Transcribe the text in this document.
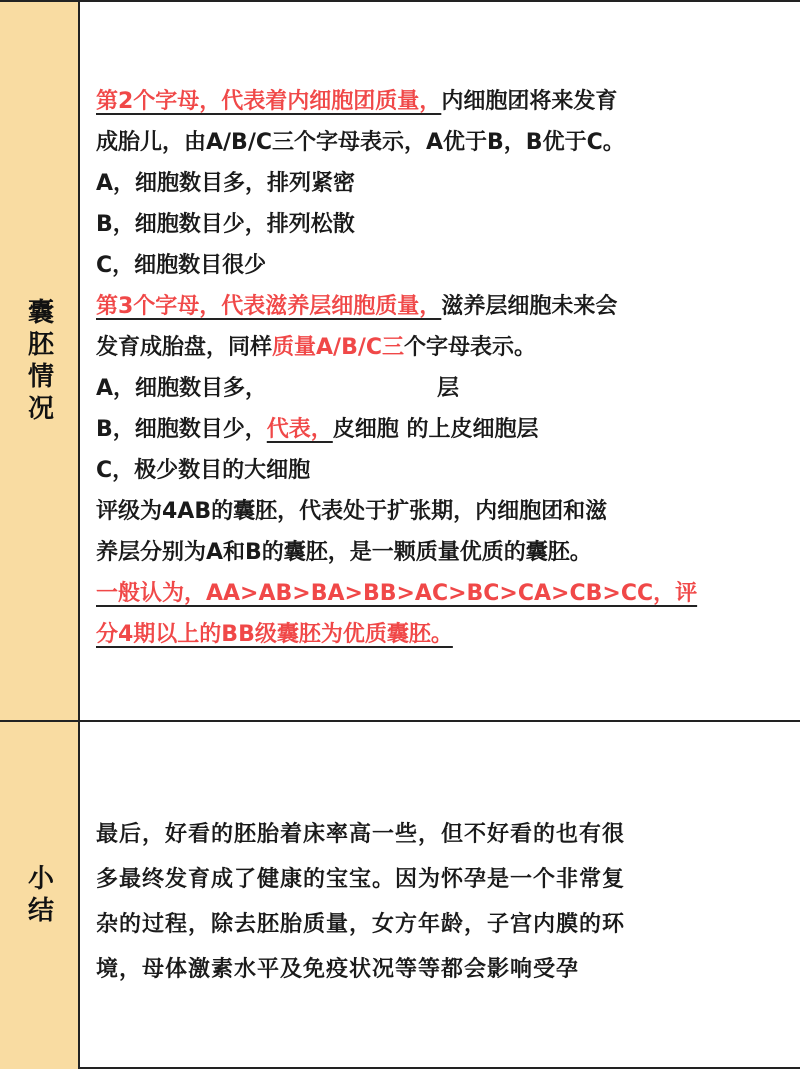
囊胚情况
第2个字母，代表着内细胞团质量，内细胞团将来发育
成胎儿，由A/B/C三个字母表示，A优于B，B优于C。
A，细胞数目多，排列紧密
B，细胞数目少，排列松散
C，细胞数目很少
第3个字母，代表滋养层细胞质量，滋养层细胞未来会
发育成胎盘，同样质量A/B/C三个字母表示。
A，细胞数目多，	层
B，细胞数目少，代表，皮细胞 的上皮细胞层
C，极少数目的大细胞
评级为4AB的囊胚，代表处于扩张期，内细胞团和滋
养层分别为A和B的囊胚，是一颗质量优质的囊胚。
一般认为，AA>AB>BA>BB>AC>BC>CA>CB>CC，评
分4期以上的BB级囊胚为优质囊胚。
小结
最后，好看的胚胎着床率高一些，但不好看的也有很
多最终发育成了健康的宝宝。因为怀孕是一个非常复
杂的过程，除去胚胎质量，女方年龄，子宫内膜的环
境，母体激素水平及免疫状况等等都会影响受孕
